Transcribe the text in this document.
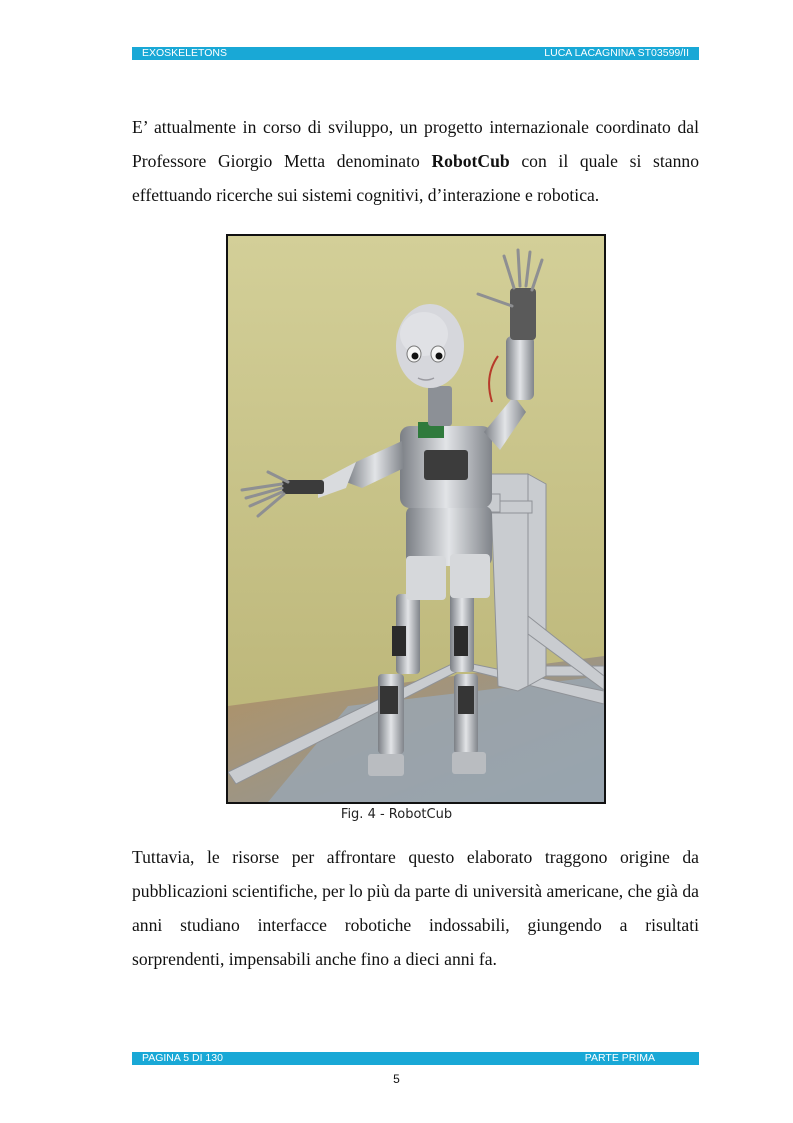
EXOSKELETONS	LUCA LACAGNINA ST03599/II

E’ attualmente in corso di sviluppo, un progetto internazionale coordinato dal Professore Giorgio Metta denominato RobotCub con il quale si stanno effettuando ricerche sui sistemi cognitivi, d’interazione e robotica.

Fig. 4 - RobotCub

Tuttavia, le risorse per affrontare questo elaborato traggono origine da pubblicazioni scientifiche, per lo più da parte di università americane, che già da anni studiano interfacce robotiche indossabili, giungendo a risultati sorprendenti, impensabili anche fino a dieci anni fa.

PAGINA 5 DI 130	PARTE PRIMA
5
